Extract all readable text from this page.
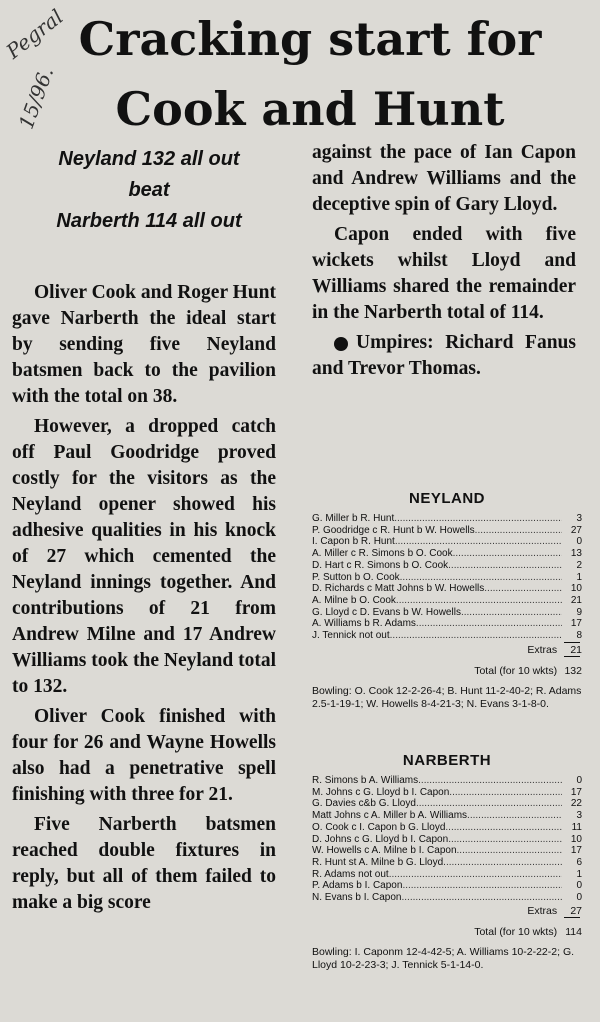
Pegral
15/96.
Cracking start for
Cook and Hunt
Neyland 132 all out
beat
Narberth 114 all out

Oliver Cook and Roger Hunt gave Narberth the ideal start by sending five Neyland batsmen back to the pavilion with the total on 38.

However, a dropped catch off Paul Goodridge proved costly for the visitors as the Neyland opener showed his adhesive qualities in his knock of 27 which cemented the Neyland innings together. And contributions of 21 from Andrew Milne and 17 Andrew Williams took the Neyland total to 132.

Oliver Cook finished with four for 26 and Wayne Howells also had a penetrative spell finishing with three for 21.

Five Narberth batsmen reached double fixtures in reply, but all of them failed to make a big score

against the pace of Ian Capon and Andrew Williams and the deceptive spin of Gary Lloyd.

Capon ended with five wickets whilst Lloyd and Williams shared the remainder in the Narberth total of 114.

Umpires: Richard Fanus and Trevor Thomas.

NEYLAND
G. Miller b R. Hunt .....	3
P. Goodridge c R. Hunt b W. Howells .....	27
I. Capon b R. Hunt .....	0
A. Miller c R. Simons b O. Cook .....	13
D. Hart c R. Simons b O. Cook .....	2
P. Sutton b O. Cook .....	1
D. Richards c Matt Johns b W. Howells .....	10
A. Milne b O. Cook .....	21
G. Lloyd c D. Evans b W. Howells .....	9
A. Williams b R. Adams .....	17
J. Tennick not out .....	8
Extras 21
Total (for 10 wkts) 132
Bowling: O. Cook 12-2-26-4; B. Hunt 11-2-40-2; R. Adams 2.5-1-19-1; W. Howells 8-4-21-3; N. Evans 3-1-8-0.
NARBERTH
R. Simons b A. Williams .....	0
M. Johns c G. Lloyd b I. Capon .....	17
G. Davies c&b G. Lloyd .....	22
Matt Johns c A. Miller b A. Williams .....	3
O. Cook c I. Capon b G. Lloyd .....	11
D. Johns c G. Lloyd b I. Capon .....	10
W. Howells c A. Milne b I. Capon .....	17
R. Hunt st A. Milne b G. Lloyd .....	6
R. Adams not out .....	1
P. Adams b I. Capon .....	0
N. Evans b I. Capon .....	0
Extras 27
Total (for 10 wkts) 114
Bowling: I. Caponm 12-4-42-5; A. Williams 10-2-22-2; G. Lloyd 10-2-23-3; J. Tennick 5-1-14-0.
